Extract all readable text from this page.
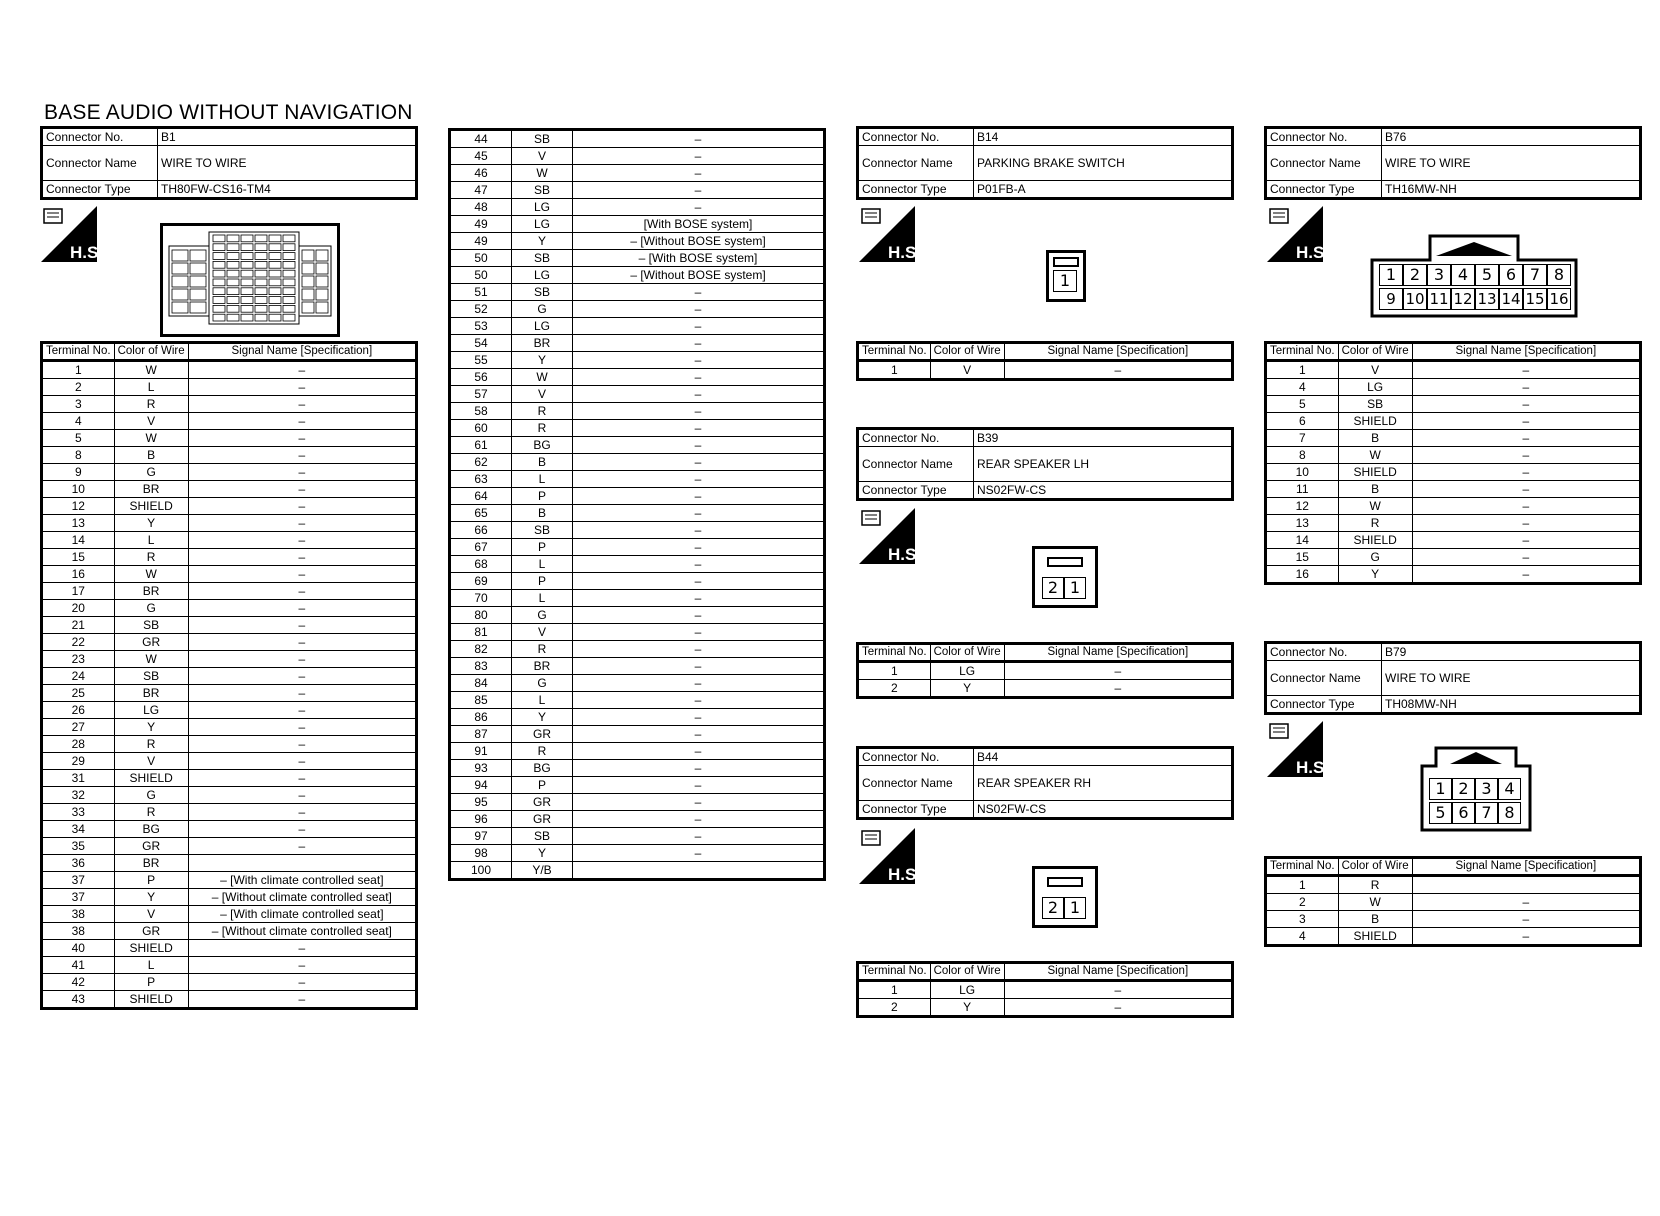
BASE AUDIO WITHOUT NAVIGATION
Connector No.	B1
Connector Name	WIRE TO WIRE
Connector Type	TH80FW-CS16-TM4
H.S.
Terminal No.	Color of Wire	Signal Name [Specification]
1	W	–
2	L	–
3	R	–
4	V	–
5	W	–
8	B	–
9	G	–
10	BR	–
12	SHIELD	–
13	Y	–
14	L	–
15	R	–
16	W	–
17	BR	–
20	G	–
21	SB	–
22	GR	–
23	W	–
24	SB	–
25	BR	–
26	LG	–
27	Y	–
28	R	–
29	V	–
31	SHIELD	–
32	G	–
33	R	–
34	BG	–
35	GR	–
36	BR	
37	P	– [With climate controlled seat]
37	Y	– [Without climate controlled seat]
38	V	– [With climate controlled seat]
38	GR	– [Without climate controlled seat]
40	SHIELD	–
41	L	–
42	P	–
43	SHIELD	–
44	SB	–
45	V	–
46	W	–
47	SB	–
48	LG	–
49	LG	[With BOSE system]
49	Y	– [Without BOSE system]
50	SB	– [With BOSE system]
50	LG	– [Without BOSE system]
51	SB	–
52	G	–
53	LG	–
54	BR	–
55	Y	–
56	W	–
57	V	–
58	R	–
60	R	–
61	BG	–
62	B	–
63	L	–
64	P	–
65	B	–
66	SB	–
67	P	–
68	L	–
69	P	–
70	L	–
80	G	–
81	V	–
82	R	–
83	BR	–
84	G	–
85	L	–
86	Y	–
87	GR	–
91	R	–
93	BG	–
94	P	–
95	GR	–
96	GR	–
97	SB	–
98	Y	–
100	Y/B	
Connector No.	B14
Connector Name	PARKING BRAKE SWITCH
Connector Type	P01FB-A
H.S.
1
Terminal No.	Color of Wire	Signal Name [Specification]
1	V	–
Connector No.	B39
Connector Name	REAR SPEAKER LH
Connector Type	NS02FW-CS
H.S.
2 1
Terminal No.	Color of Wire	Signal Name [Specification]
1	LG	–
2	Y	–
Connector No.	B44
Connector Name	REAR SPEAKER RH
Connector Type	NS02FW-CS
H.S.
2 1
Terminal No.	Color of Wire	Signal Name [Specification]
1	LG	–
2	Y	–
Connector No.	B76
Connector Name	WIRE TO WIRE
Connector Type	TH16MW-NH
H.S.
1 2 3 4 5 6 7 8
9 10 11 12 13 14 15 16
Terminal No.	Color of Wire	Signal Name [Specification]
1	V	–
4	LG	–
5	SB	–
6	SHIELD	–
7	B	–
8	W	–
10	SHIELD	–
11	B	–
12	W	–
13	R	–
14	SHIELD	–
15	G	–
16	Y	–
Connector No.	B79
Connector Name	WIRE TO WIRE
Connector Type	TH08MW-NH
H.S.
1 2 3 4
5 6 7 8
Terminal No.	Color of Wire	Signal Name [Specification]
1	R	
2	W	–
3	B	–
4	SHIELD	–
